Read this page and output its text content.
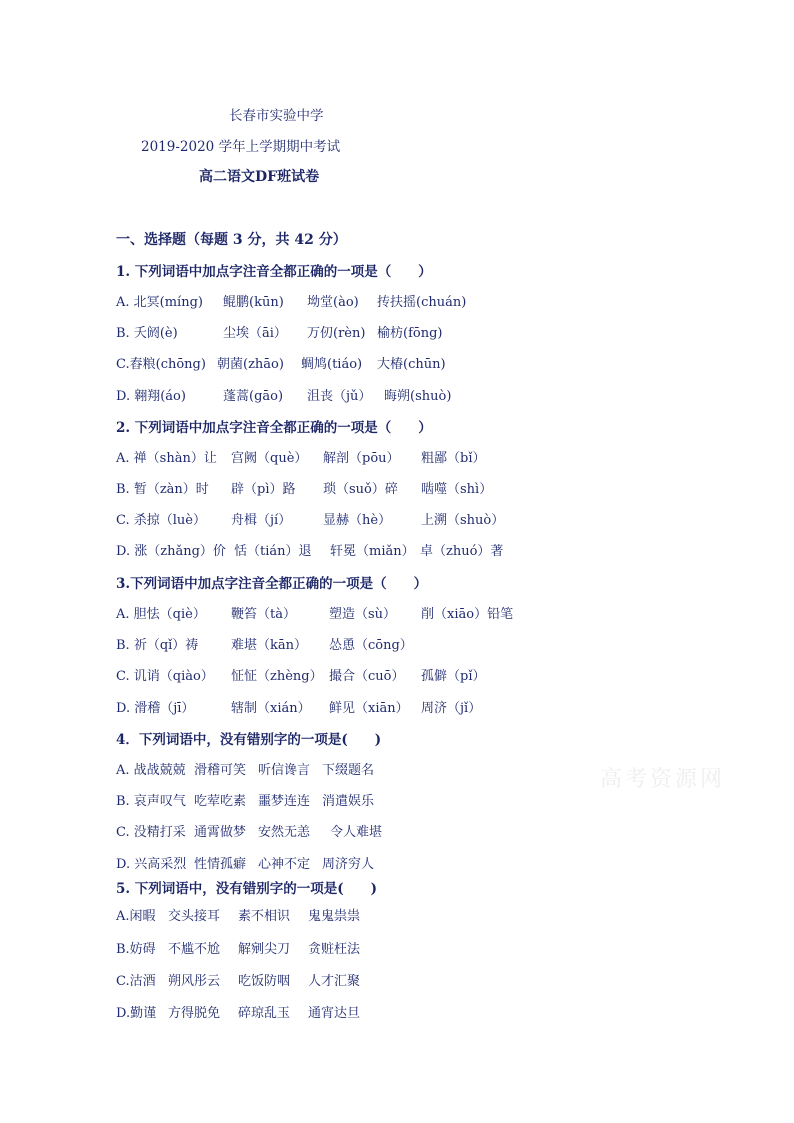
长春市实验中学
2019-2020 学年上学期期中考试
高二语文DF班试卷
一、选择题（每题 3 分，共 42 分）
1. 下列词语中加点字注音全都正确的一项是（　　）
A. 北冥(míng) 鲲鹏(kūn) 坳堂(ào) 抟扶摇(chuán)
B. 夭阏(è)	尘埃（āi） 万仞(rèn) 榆枋(fōng)
C.舂粮(chōng) 朝菌(zhāo) 蜩鸠(tiáo) 大椿(chūn)
D. 翱翔(áo)	蓬蒿(gāo) 沮丧（jǔ） 晦朔(shuò)
2. 下列词语中加点字注音全都正确的一项是（　　）
A. 禅（shàn）让 宫阙（què） 解剖（pōu） 粗鄙（bǐ）
B. 暂（zàn）时 辟（pì）路 琐（suǒ）碎 啮噬（shì）
C. 杀掠（luè） 舟楫（jí） 显赫（hè） 上溯（shuò）
D. 涨（zhǎng）价 恬（tián）退 轩冕（miǎn） 卓（zhuó）著
3.下列词语中加点字注音全都正确的一项是（　　）
A. 胆怯（qiè） 鞭笞（tà）	塑造（sù） 削（xiāo）铅笔
B. 祈（qǐ）祷	难堪（kān） 怂恿（cōng）
C. 讥诮（qiào） 怔怔（zhèng） 撮合（cuō） 孤僻（pǐ）
D. 滑稽（jī）	辖制（xián） 鲜见（xiān） 周济（jǐ）
4．下列词语中，没有错别字的一项是(　　)
A. 战战兢兢 滑稽可笑 听信谗言 下缀题名
B. 哀声叹气 吃荤吃素 噩梦连连 消遣娱乐
C. 没精打采 通霄做梦 安然无恙 令人难堪
D. 兴高采烈 性情孤癖 心神不定 周济穷人
5. 下列词语中，没有错别字的一项是(　　)
A.闲暇 交头接耳 素不相识 鬼鬼祟祟
B.妨碍 不尴不尬 解剜尖刀 贪赃枉法
C.沽酒 朔风彤云 吃饭防咽 人才汇聚
D.勤谨 方得脱免 碎琼乱玉 通宵达旦
高考资源网
